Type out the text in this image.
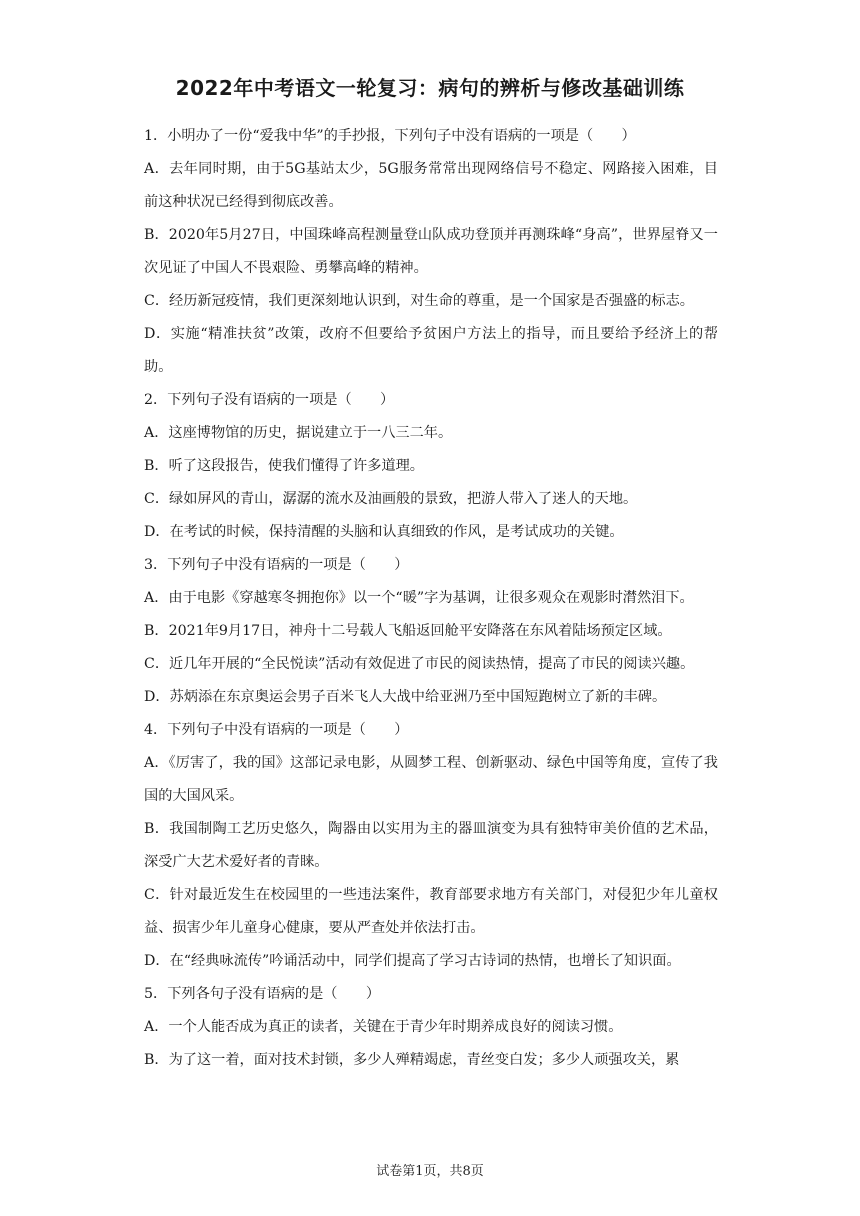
2022年中考语文一轮复习：病句的辨析与修改基础训练

1．小明办了一份“爱我中华”的手抄报，下列句子中没有语病的一项是（　　）

A．去年同时期，由于5G基站太少，5G服务常常出现网络信号不稳定、网路接入困难，目前这种状况已经得到彻底改善。

B．2020年5月27日，中国珠峰高程测量登山队成功登顶并再测珠峰“身高”，世界屋脊又一次见证了中国人不畏艰险、勇攀高峰的精神。

C．经历新冠疫情，我们更深刻地认识到，对生命的尊重，是一个国家是否强盛的标志。

D．实施“精准扶贫”改策，改府不但要给予贫困户方法上的指导，而且要给予经济上的帮助。

2．下列句子没有语病的一项是（　　）

A．这座博物馆的历史，据说建立于一八三二年。

B．听了这段报告，使我们懂得了许多道理。

C．绿如屏风的青山，潺潺的流水及油画般的景致，把游人带入了迷人的天地。

D．在考试的时候，保持清醒的头脑和认真细致的作风，是考试成功的关键。

3．下列句子中没有语病的一项是（　　）

A．由于电影《穿越寒冬拥抱你》以一个“暖”字为基调，让很多观众在观影时潸然泪下。

B．2021年9月17日，神舟十二号载人飞船返回舱平安降落在东风着陆场预定区域。

C．近几年开展的“全民悦读”活动有效促进了市民的阅读热情，提高了市民的阅读兴趣。

D．苏炳添在东京奥运会男子百米飞人大战中给亚洲乃至中国短跑树立了新的丰碑。

4．下列句子中没有语病的一项是（　　）

A．《厉害了，我的国》这部记录电影，从圆梦工程、创新驱动、绿色中国等角度，宣传了我国的大国风采。

B．我国制陶工艺历史悠久，陶器由以实用为主的器皿演变为具有独特审美价值的艺术品，深受广大艺术爱好者的青睐。

C．针对最近发生在校园里的一些违法案件，教育部要求地方有关部门，对侵犯少年儿童权益、损害少年儿童身心健康，要从严查处并依法打击。

D．在“经典咏流传”吟诵活动中，同学们提高了学习古诗词的热情，也增长了知识面。

5．下列各句子没有语病的是（　　）

A．一个人能否成为真正的读者，关键在于青少年时期养成良好的阅读习惯。

B．为了这一着，面对技术封锁，多少人殚精竭虑，青丝变白发；多少人顽强攻关，累

试卷第1页，共8页
